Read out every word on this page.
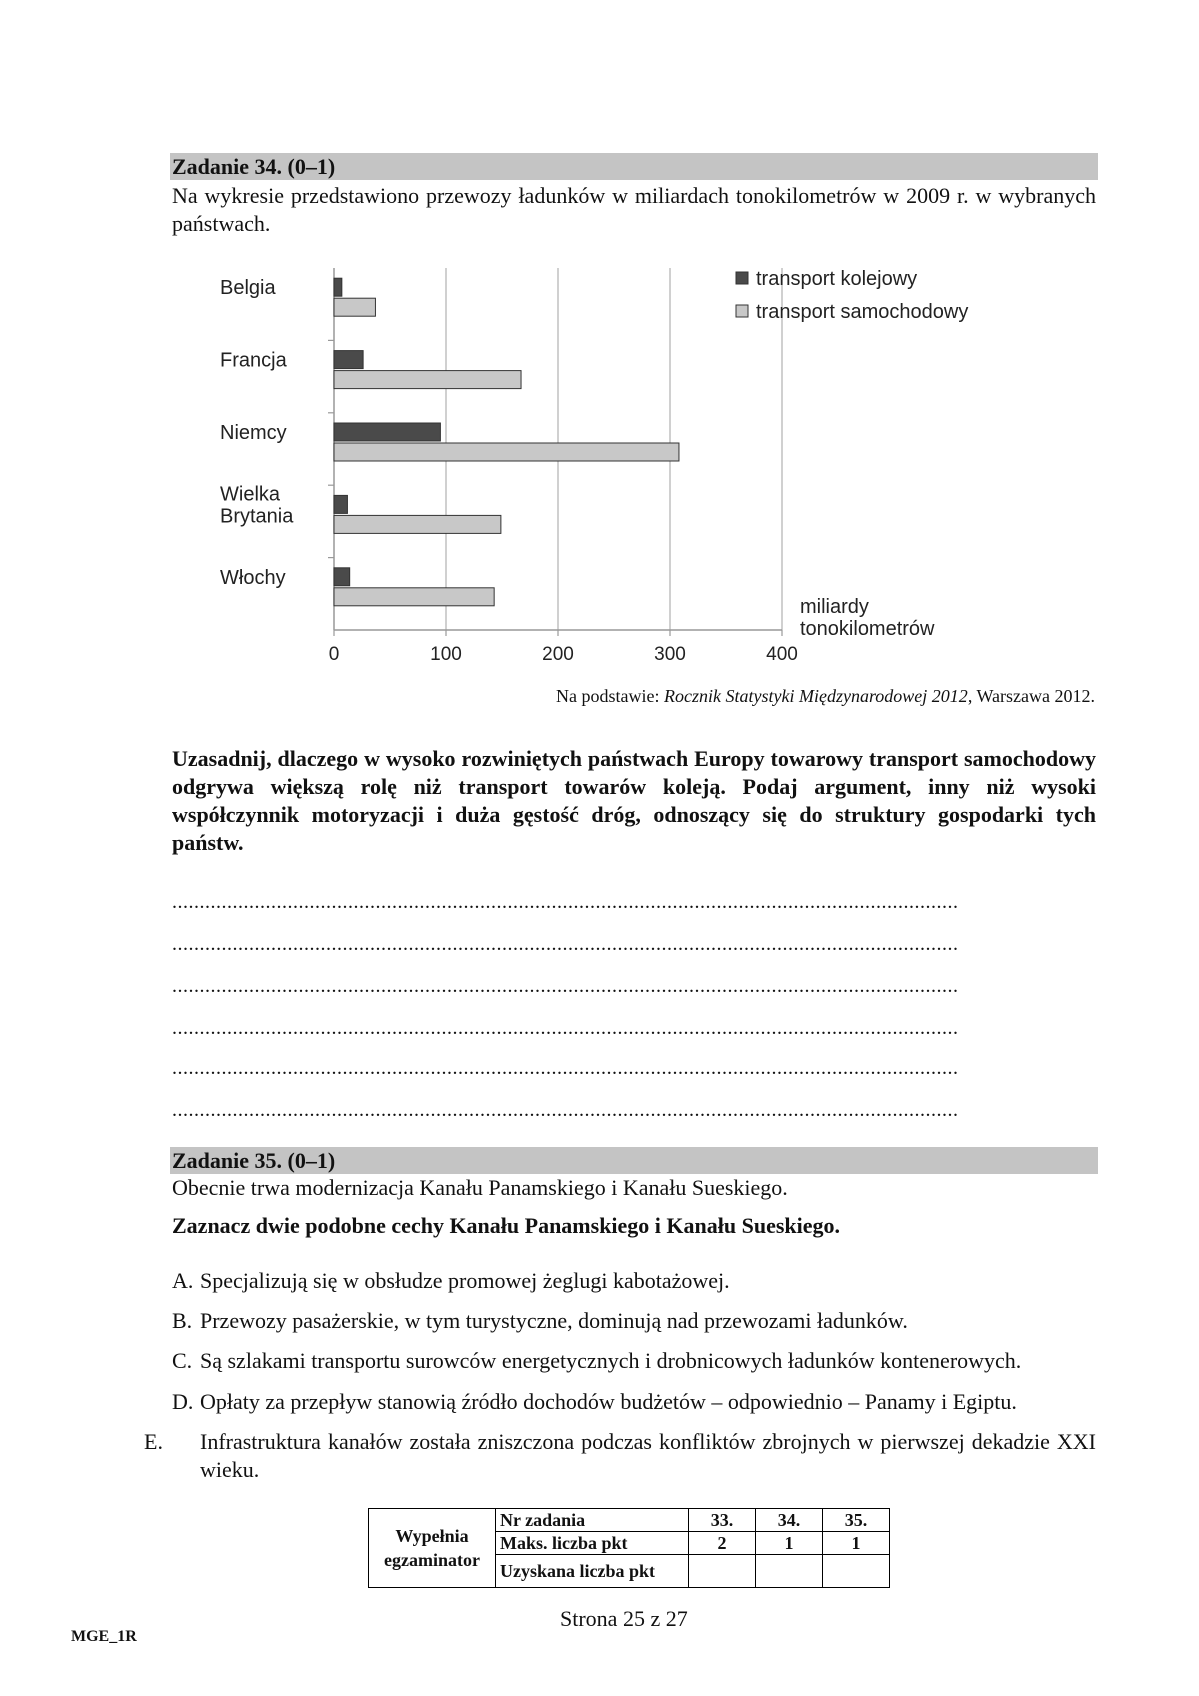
Zadanie 34. (0–1)
Na wykresie przedstawiono przewozy ładunków w miliardach tonokilometrów w 2009 r. w wybranych państwach.
Belgia
Francja
Niemcy
Wielka Brytania
Włochy
0	100	200	300	400
transport kolejowy
transport samochodowy
miliardy
tonokilometrów
Na podstawie: Rocznik Statystyki Międzynarodowej 2012, Warszawa 2012.
Uzasadnij, dlaczego w wysoko rozwiniętych państwach Europy towarowy transport samochodowy odgrywa większą rolę niż transport towarów koleją. Podaj argument, inny niż wysoki współczynnik motoryzacji i duża gęstość dróg, odnoszący się do struktury gospodarki tych państw.
...............................................................................................................................................
...............................................................................................................................................
...............................................................................................................................................
...............................................................................................................................................
...............................................................................................................................................
...............................................................................................................................................
Zadanie 35. (0–1)
Obecnie trwa modernizacja Kanału Panamskiego i Kanału Sueskiego.
Zaznacz dwie podobne cechy Kanału Panamskiego i Kanału Sueskiego.
A. Specjalizują się w obsłudze promowej żeglugi kabotażowej.
B. Przewozy pasażerskie, w tym turystyczne, dominują nad przewozami ładunków.
C. Są szlakami transportu surowców energetycznych i drobnicowych ładunków kontenerowych.
D. Opłaty za przepływ stanowią źródło dochodów budżetów – odpowiednio – Panamy i Egiptu.
E. Infrastruktura kanałów została zniszczona podczas konfliktów zbrojnych w pierwszej dekadzie XXI wieku.
Wypełnia
egzaminator	Nr zadania	33.	34.	35.
	Maks. liczba pkt	2	1	1
	Uzyskana liczba pkt			
Strona 25 z 27
MGE_1R
